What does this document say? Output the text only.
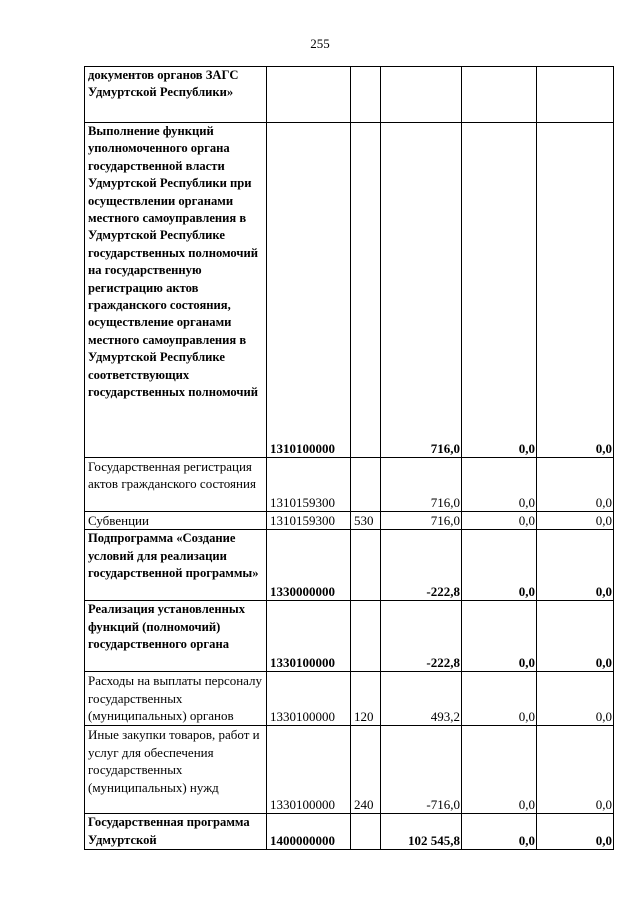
255
документов органов ЗАГС Удмуртской Республики»					
Выполнение функций уполномоченного органа государственной власти Удмуртской Республики при осуществлении органами местного самоуправления в Удмуртской Республике государственных полномочий на государственную регистрацию актов гражданского состояния, осуществление органами местного самоуправления в Удмуртской Республике соответствующих государственных полномочий	1310100000		716,0	0,0	0,0
Государственная регистрация актов гражданского состояния	1310159300		716,0	0,0	0,0
Субвенции	1310159300	530	716,0	0,0	0,0
Подпрограмма «Создание условий для реализации государственной программы»	1330000000		-222,8	0,0	0,0
Реализация установленных функций (полномочий) государственного органа	1330100000		-222,8	0,0	0,0
Расходы на выплаты персоналу государственных (муниципальных) органов	1330100000	120	493,2	0,0	0,0
Иные закупки товаров, работ и услуг для обеспечения государственных (муниципальных) нужд	1330100000	240	-716,0	0,0	0,0
Государственная программа Удмуртской	1400000000		102 545,8	0,0	0,0
